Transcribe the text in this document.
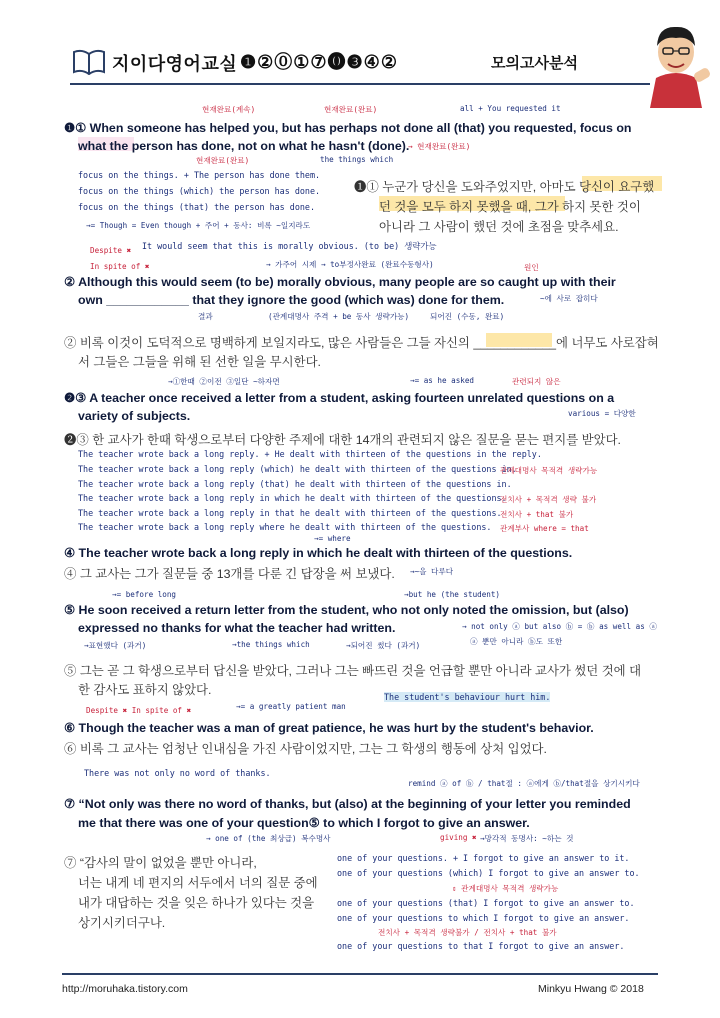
지이다영어교실 ❶②⓪①⑦⓿❸④②	모의고사분석
현재완료(계속)	현재완료(완료)	all + You requested it
❶① When someone has helped you, but has perhaps not done all (that) you requested, focus on
what the person has done, not on what he hasn't (done).
현재완료(완료)	the things which
→ 현재완료(완료)
focus on the things. + The person has done them.
focus on the things (which) the person has done.
focus on the things (that) the person has done.
❶① 누군가 당신을 도와주었지만, 아마도 당신이 요구했
던 것을 모두 하지 못했을 때, 그가 하지 못한 것이
아니라 그 사람이 했던 것에 초점을 맞추세요.
→= Though = Even though + 주어 + 동사: 비록 ~일지라도
Despite ✖
In spite of ✖
It would seem that this is morally obvious. (to be) 생략가능
→ 가주어 시제 → to부정사완료 (완료수동형사)	원인
② Although this would seem (to be) morally obvious, many people are so caught up with their
own ____________ that they ignore the good (which was) done for them.
결과	(관계대명사 주격 + be 동사 생략가능)	되어진 (수동, 완료)
~에 사로 잡히다
② 비록 이것이 도덕적으로 명백하게 보일지라도, 많은 사람들은 그들 자신의 ____________에 너무도 사로잡혀
서 그들은 그들을 위해 된 선한 일을 무시한다.
→①한때 ②이전 ③일단 ~하자면	→= as he asked	관련되지 않은
❷③ A teacher once received a letter from a student, asking fourteen unrelated questions on a
variety of subjects.	various = 다양한
❷③ 한 교사가 한때 학생으로부터 다양한 주제에 대한 14개의 관련되지 않은 질문을 묻는 편지를 받았다.
The teacher wrote back a long reply. + He dealt with thirteen of the questions in the reply.
The teacher wrote back a long reply (which) he dealt with thirteen of the questions in.
The teacher wrote back a long reply (that) he dealt with thirteen of the questions in.
The teacher wrote back a long reply in which he dealt with thirteen of the questions.
The teacher wrote back a long reply in that he dealt with thirteen of the questions.
The teacher wrote back a long reply where he dealt with thirteen of the questions.
관계대명사 목적격 생략가능
전치사 + 목적격 생략 불가
전치사 + that 불가
관계부사 where = that
→= where
④ The teacher wrote back a long reply in which he dealt with thirteen of the questions.
④ 그 교사는 그가 질문들 중 13개를 다룬 긴 답장을 써 보냈다. →~을 다루다
→= before long	→but he (the student)
⑤ He soon received a return letter from the student, who not only noted the omission, but (also)
expressed no thanks for what the teacher had written.
→표현했다 (과거)	→the things which	→되어진 썼다 (과거)
→ not only ⓐ but also ⓑ = ⓑ as well as ⓐ
ⓐ 뿐만 아니라 ⓑ도 또한
⑤ 그는 곧 그 학생으로부터 답신을 받았다, 그러나 그는 빠뜨린 것을 언급할 뿐만 아니라 교사가 썼던 것에 대
한 감사도 표하지 않았다.
Despite ✖ In spite of ✖	→= a greatly patient man
The student's behaviour hurt him.
⑥ Though the teacher was a man of great patience, he was hurt by the student's behavior.
⑥ 비록 그 교사는 엄청난 인내심을 가진 사람이었지만, 그는 그 학생의 행동에 상처 입었다.
There was not only no word of thanks.
remind ⓐ of ⓑ / that절 : ⓐ에게 ⓑ/that절을 상기시키다
⑦ “Not only was there no word of thanks, but (also) at the beginning of your letter you reminded
me that there was one of your question⑤ to which I forgot to give an answer.
→ one of (the 최상급) 복수명사	giving ✖ →망각적 동명사: ~하는 것
⑦ “감사의 말이 없었을 뿐만 아니라,
너는 내게 네 편지의 서두에서 너의 질문 중에
내가 대답하는 것을 잊은 하나가 있다는 것을
상기시키더구나.
one of your questions. + I forgot to give an answer to it.
one of your questions (which) I forgot to give an answer to.
⇕ 관계대명사 목적격 생략가능
one of your questions (that) I forgot to give an answer to.
one of your questions to which I forgot to give an answer.
전치사 + 목적격 생략불가 / 전치사 + that 불가
one of your questions to that I forgot to give an answer.
http://moruhaka.tistory.com	Minkyu Hwang © 2018
